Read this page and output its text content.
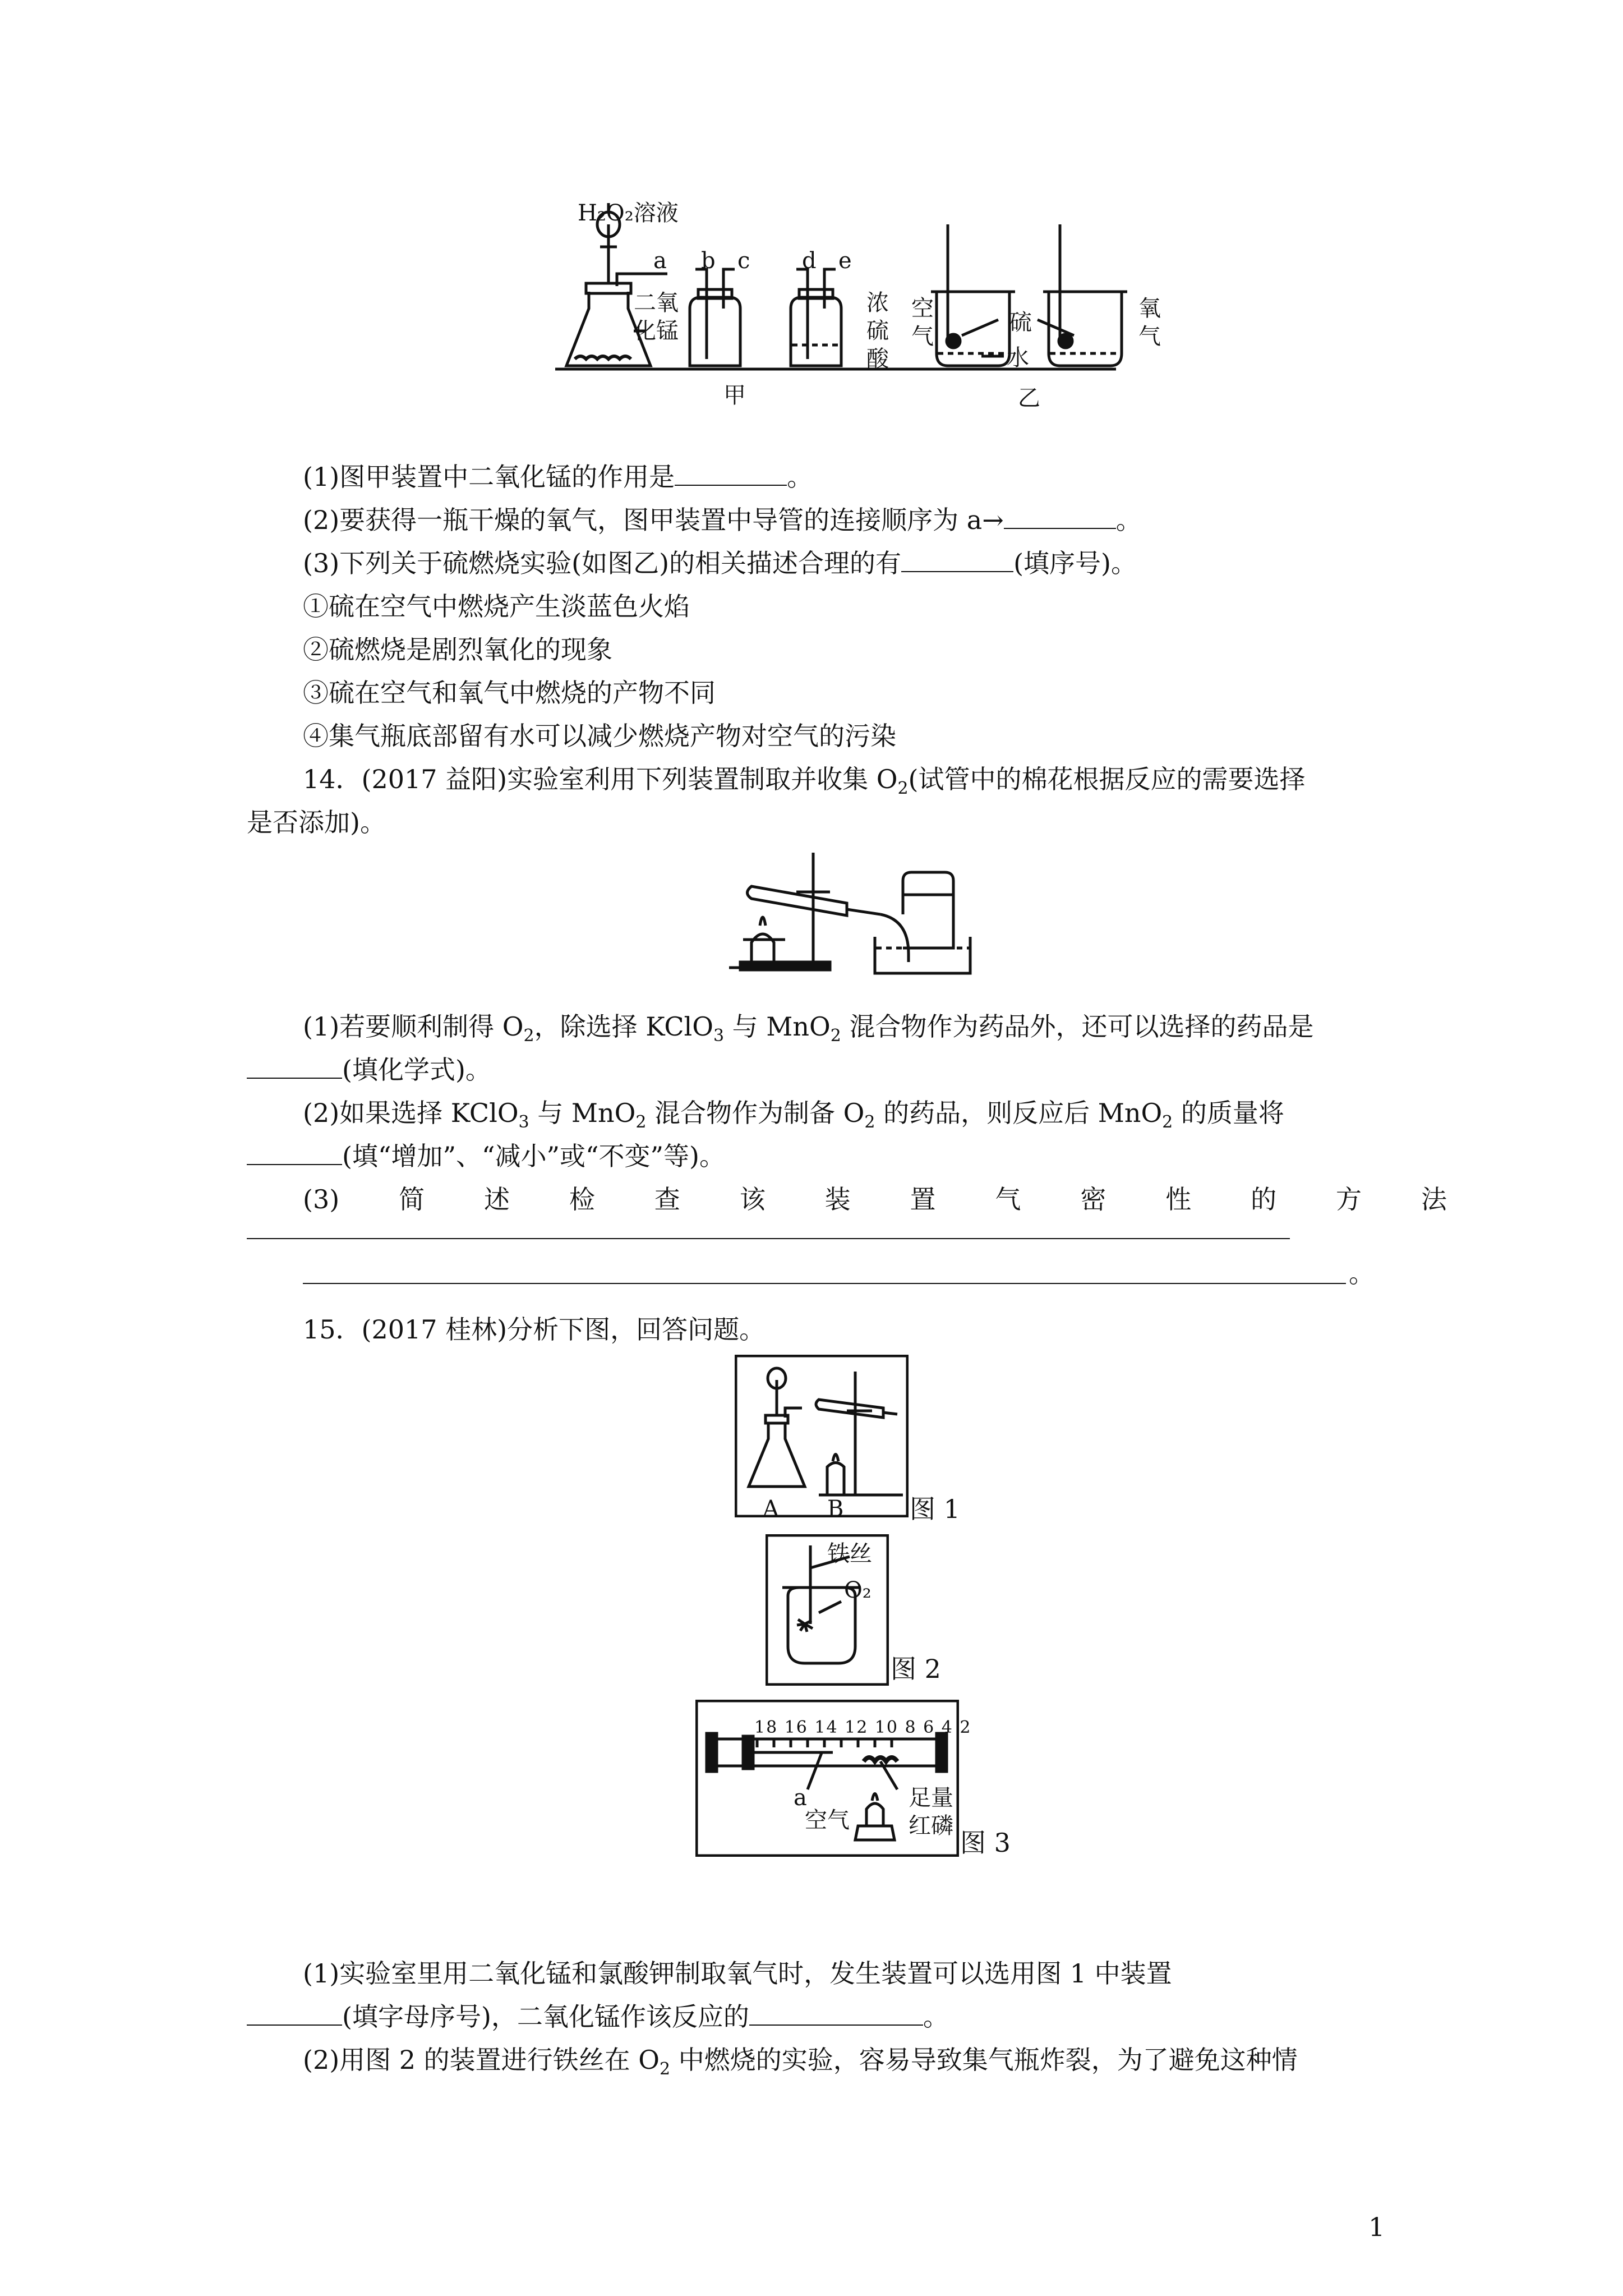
H₂O₂溶液
a b c d e
二氧
化锰
浓
硫
酸
甲
空
气
硫
水
氧
气
乙
(1)图甲装置中二氧化锰的作用是	。
(2)要获得一瓶干燥的氧气，图甲装置中导管的连接顺序为 a→	。
(3)下列关于硫燃烧实验(如图乙)的相关描述合理的有	(填序号)。
①硫在空气中燃烧产生淡蓝色火焰
②硫燃烧是剧烈氧化的现象
③硫在空气和氧气中燃烧的产物不同
④集气瓶底部留有水可以减少燃烧产物对空气的污染
14．(2017 益阳)实验室利用下列装置制取并收集 $O_2$(试管中的棉花根据反应的需要选择
是否添加)。
(1)若要顺利制得 $O_2$，除选择 KClO$_3$ 与 MnO$_2$ 混合物作为药品外，还可以选择的药品是
(填化学式)。
(2)如果选择 KClO$_3$ 与 MnO$_2$ 混合物作为制备 $O_2$ 的药品，则反应后 MnO$_2$ 的质量将
(填“增加”、“减小”或“不变”等)。
(3) 简 述 检 查 该 装 置 气 密 性 的 方 法
。
15．(2017 桂林)分析下图，回答问题。
A B	图 1
铁丝
O₂
图 2
18 16 14 12 10 8 6 4 2
a
空气
足量
红磷
图 3
(1)实验室里用二氧化锰和氯酸钾制取氧气时，发生装置可以选用图 1 中装置
(填字母序号)，二氧化锰作该反应的	。
(2)用图 2 的装置进行铁丝在 $O_2$ 中燃烧的实验，容易导致集气瓶炸裂，为了避免这种情
1
